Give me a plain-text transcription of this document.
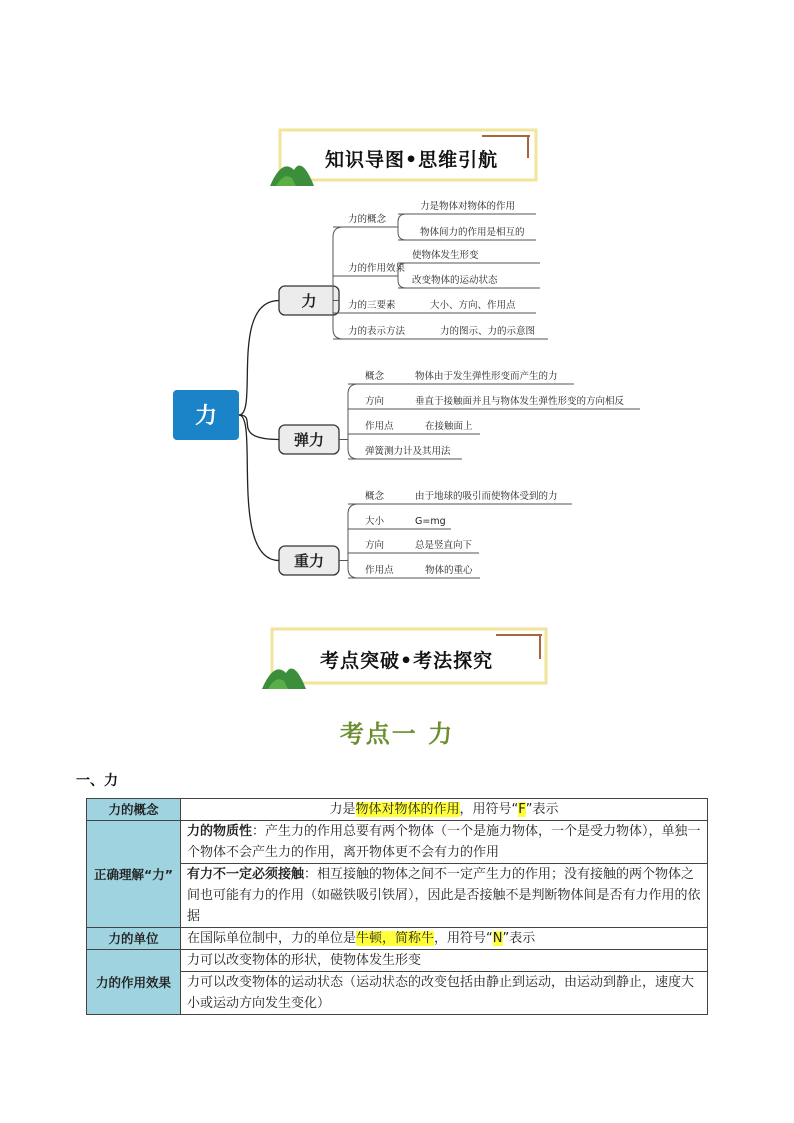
知识导图•思维引航
力
力
力的概念
力是物体对物体的作用
物体间力的作用是相互的
力的作用效果
使物体发生形变
改变物体的运动状态
力的三要素	大小、方向、作用点
力的表示方法	力的图示、力的示意图
弹力
概念	物体由于发生弹性形变而产生的力
方向	垂直于接触面并且与物体发生弹性形变的方向相反
作用点	在接触面上
弹簧测力计及其用法
重力
概念	由于地球的吸引而使物体受到的力
大小	G=mg
方向	总是竖直向下
作用点	物体的重心
考点突破•考法探究
考点一 力
一、力
力的概念	力是物体对物体的作用，用符号“F”表示
正确理解“力”	力的物质性：产生力的作用总要有两个物体（一个是施力物体，一个是受力物体），单独一个物体不会产生力的作用，离开物体更不会有力的作用
	有力不一定必须接触：相互接触的物体之间不一定产生力的作用；没有接触的两个物体之间也可能有力的作用（如磁铁吸引铁屑），因此是否接触不是判断物体间是否有力作用的依据
力的单位	在国际单位制中，力的单位是牛顿，简称牛，用符号“N”表示
力的作用效果	力可以改变物体的形状，使物体发生形变
	力可以改变物体的运动状态（运动状态的改变包括由静止到运动，由运动到静止，速度大小或运动方向发生变化）
